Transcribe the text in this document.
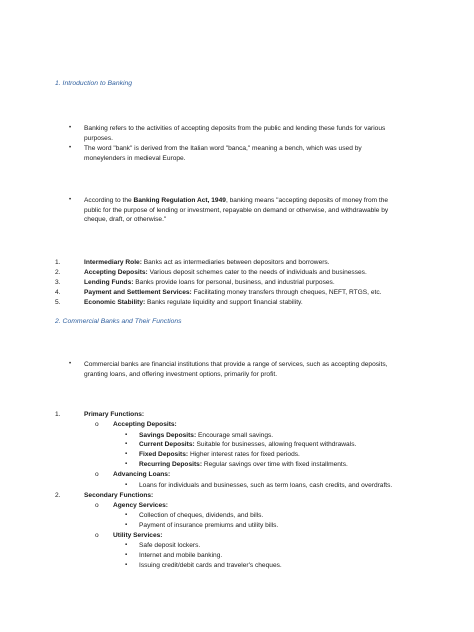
1. Introduction to Banking
• Banking refers to the activities of accepting deposits from the public and lending these funds for various
purposes.
• The word "bank" is derived from the Italian word "banca," meaning a bench, which was used by
moneylenders in medieval Europe.
• According to the Banking Regulation Act, 1949, banking means "accepting deposits of money from the
public for the purpose of lending or investment, repayable on demand or otherwise, and withdrawable by
cheque, draft, or otherwise."
1.	Intermediary Role: Banks act as intermediaries between depositors and borrowers.
2.	Accepting Deposits: Various deposit schemes cater to the needs of individuals and businesses.
3.	Lending Funds: Banks provide loans for personal, business, and industrial purposes.
4.	Payment and Settlement Services: Facilitating money transfers through cheques, NEFT, RTGS, etc.
5.	Economic Stability: Banks regulate liquidity and support financial stability.
2. Commercial Banks and Their Functions
• Commercial banks are financial institutions that provide a range of services, such as accepting deposits,
granting loans, and offering investment options, primarily for profit.
1.	Primary Functions:
o Accepting Deposits:
▪ Savings Deposits: Encourage small savings.
▪ Current Deposits: Suitable for businesses, allowing frequent withdrawals.
▪ Fixed Deposits: Higher interest rates for fixed periods.
▪ Recurring Deposits: Regular savings over time with fixed installments.
o Advancing Loans:
▪ Loans for individuals and businesses, such as term loans, cash credits, and overdrafts.
2.	Secondary Functions:
o Agency Services:
▪ Collection of cheques, dividends, and bills.
▪ Payment of insurance premiums and utility bills.
o Utility Services:
▪ Safe deposit lockers.
▪ Internet and mobile banking.
▪ Issuing credit/debit cards and traveler's cheques.
